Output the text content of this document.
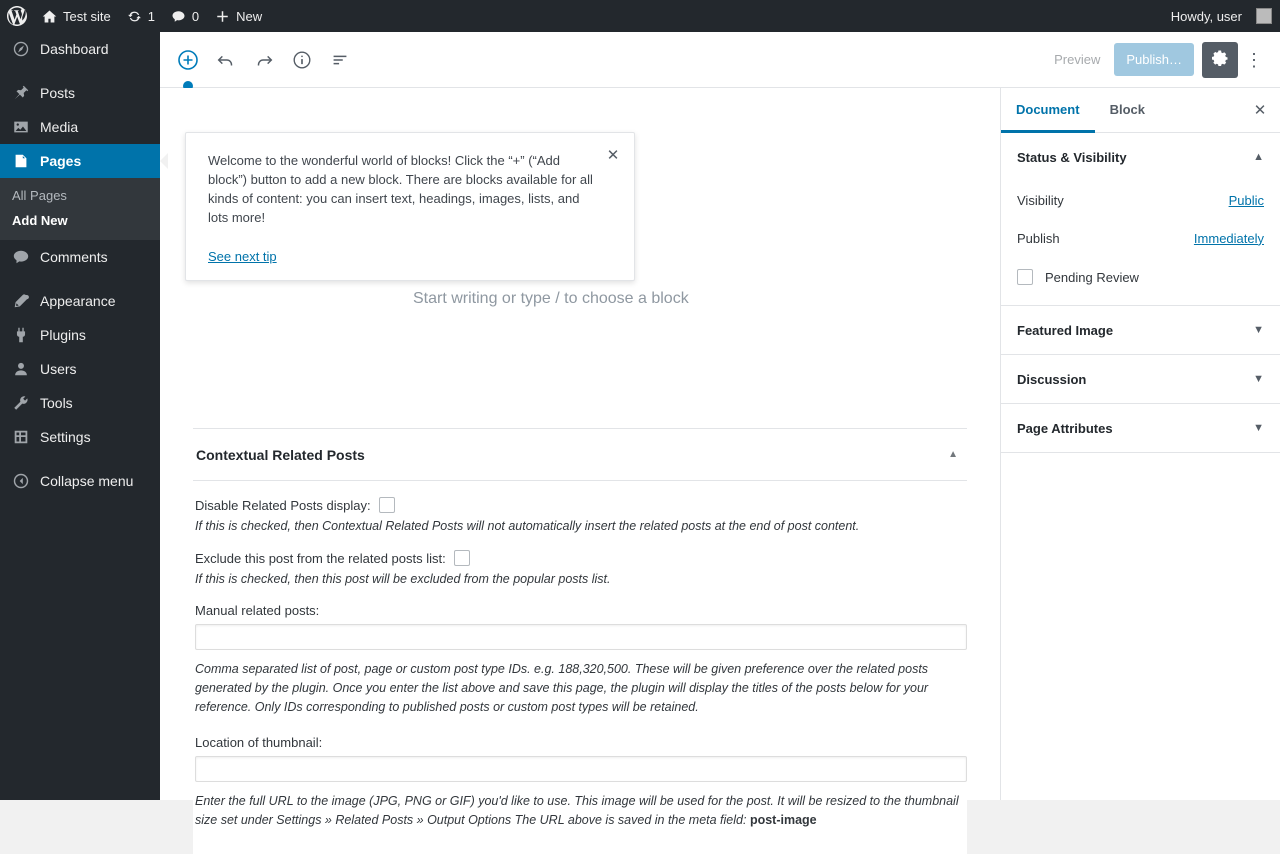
Test site	1	0	New	Howdy, user
Dashboard
Posts
Media
Pages
All Pages
Add New
Comments
Appearance
Plugins
Users
Tools
Settings
Collapse menu
Preview Publish…	⋮
Start writing or type / to choose a block

Welcome to the wonderful world of blocks! Click the “+” (“Add block”) button to add a new block. There are blocks available for all kinds of content: you can insert text, headings, images, lists, and lots more!

See next tip
✕
Contextual Related Posts	▲
Disable Related Posts display:
If this is checked, then Contextual Related Posts will not automatically insert the related posts at the end of post content.
Exclude this post from the related posts list:
If this is checked, then this post will be excluded from the popular posts list.
Manual related posts:
Comma separated list of post, page or custom post type IDs. e.g. 188,320,500. These will be given preference over the related posts generated by the plugin. Once you enter the list above and save this page, the plugin will display the titles of the posts below for your reference. Only IDs corresponding to published posts or custom post types will be retained.
Location of thumbnail:
Enter the full URL to the image (JPG, PNG or GIF) you'd like to use. This image will be used for the post. It will be resized to the thumbnail size set under Settings » Related Posts » Output Options The URL above is saved in the meta field: post-image
Document Block	✕
Status & Visibility	▲
Visibility	Public
Publish	Immediately
Pending Review
Featured Image	▼
Discussion	▼
Page Attributes	▼
